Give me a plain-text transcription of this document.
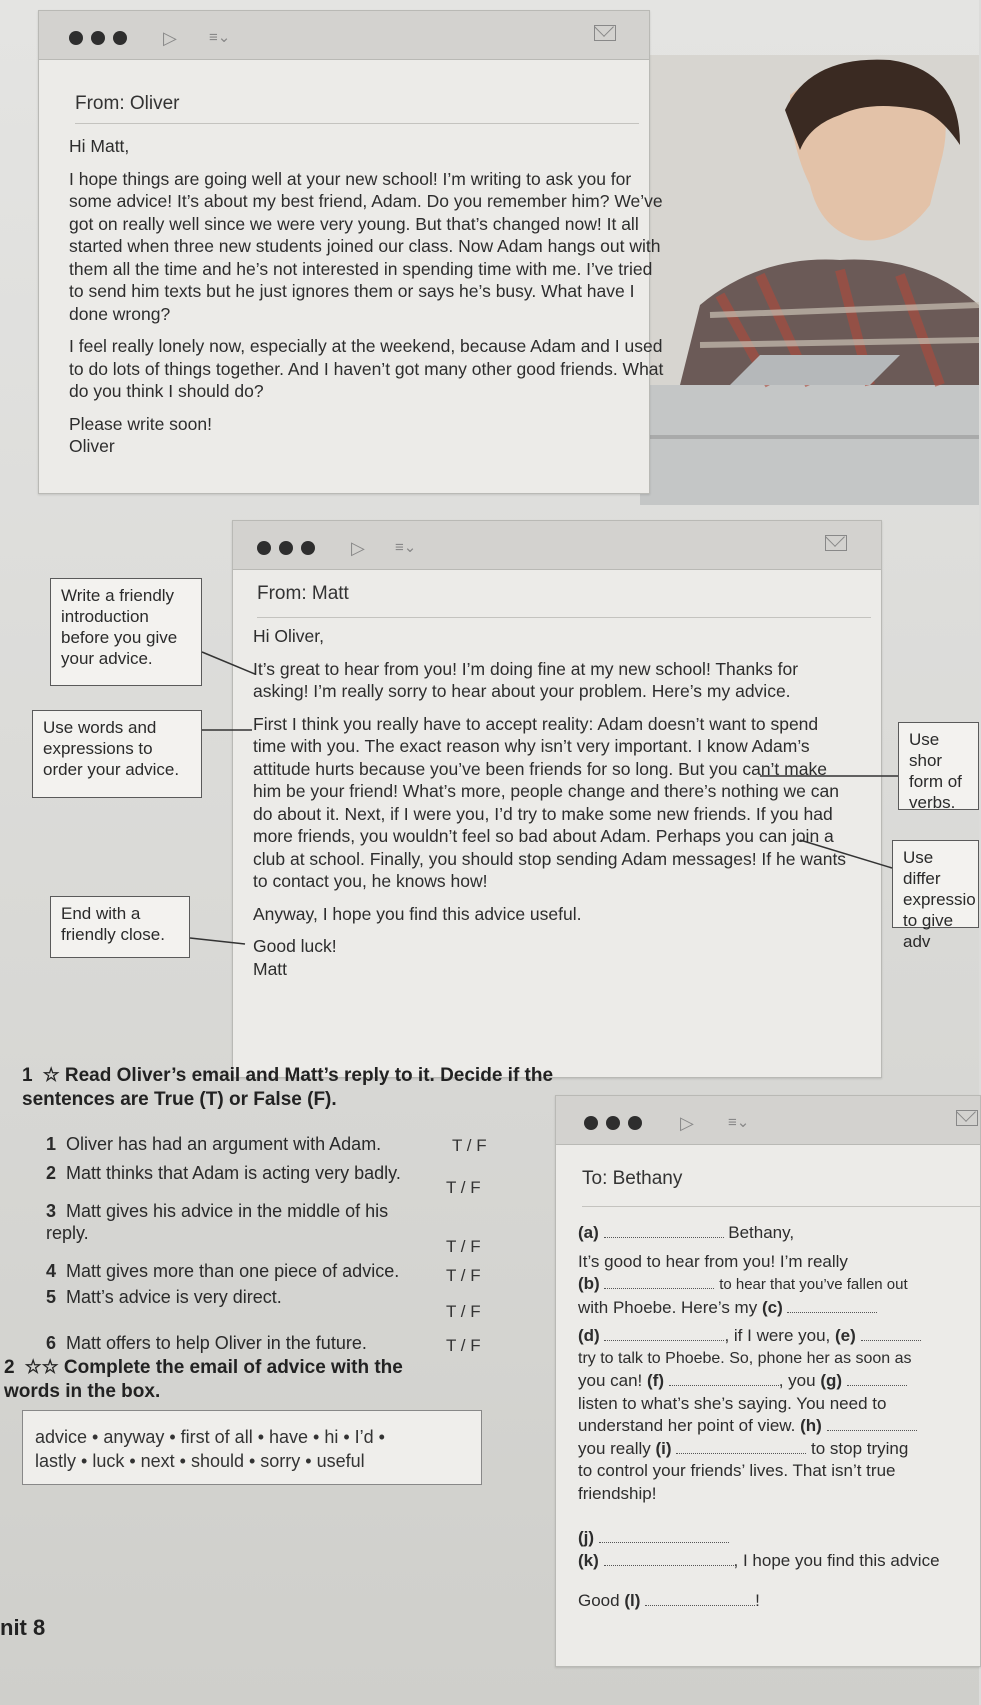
▷ ≡⌄
From: Oliver

Hi Matt,

I hope things are going well at your new school! I’m writing to ask you for some advice! It’s about my best friend, Adam. Do you remember him? We’ve got on really well since we were very young. But that’s changed now! It all started when three new students joined our class. Now Adam hangs out with them all the time and he’s not interested in spending time with me. I’ve tried to send him texts but he just ignores them or says he’s busy. What have I done wrong?

I feel really lonely now, especially at the weekend, because Adam and I used to do lots of things together. And I haven’t got many other good friends. What do you think I should do?

Please write soon!

Oliver

▷ ≡⌄
From: Matt

Hi Oliver,

It’s great to hear from you! I’m doing fine at my new school! Thanks for asking! I’m really sorry to hear about your problem. Here’s my advice.

First I think you really have to accept reality: Adam doesn’t want to spend time with you. The exact reason why isn’t very important. I know Adam’s attitude hurts because you’ve been friends for so long. But you can’t make him be your friend! What’s more, people change and there’s nothing we can do about it. Next, if I were you, I’d try to make some new friends. If you had more friends, you wouldn’t feel so bad about Adam. Perhaps you can join a club at school. Finally, you should stop sending Adam messages! If he wants to contact you, he knows how!

Anyway, I hope you find this advice useful.

Good luck!

Matt

Write a friendly introduction before you give your advice.
Use words and expressions to order your advice.
End with a friendly close.
Use shor form of verbs.
Use differ expressio to give adv
1 ☆ Read Oliver’s email and Matt’s reply to it. Decide if the sentences are True (T) or False (F).
1 Oliver has had an argument with Adam.	T / F
2 Matt thinks that Adam is acting very badly.
T / F
3 Matt gives his advice in the middle of his reply.
T / F
4 Matt gives more than one piece of advice.	T / F
5 Matt’s advice is very direct.
T / F
6 Matt offers to help Oliver in the future.	T / F
2 ☆☆ Complete the email of advice with the words in the box.
advice • anyway • first of all • have • hi • I’d •
lastly • luck • next • should • sorry • useful
▷ ≡⌄
To: Bethany
(a)	Bethany,
It’s good to hear from you! I’m really
(b)	to hear that you’ve fallen out
with Phoebe. Here’s my (c)
(d)	, if I were you, (e)
try to talk to Phoebe. So, phone her as soon as
you can! (f)	, you (g)
listen to what’s she’s saying. You need to
understand her point of view. (h)
you really (i)	to stop trying
to control your friends’ lives. That isn’t true
friendship!
(j)
(k)	, I hope you find this advice
Good (l)	!
nit 8
